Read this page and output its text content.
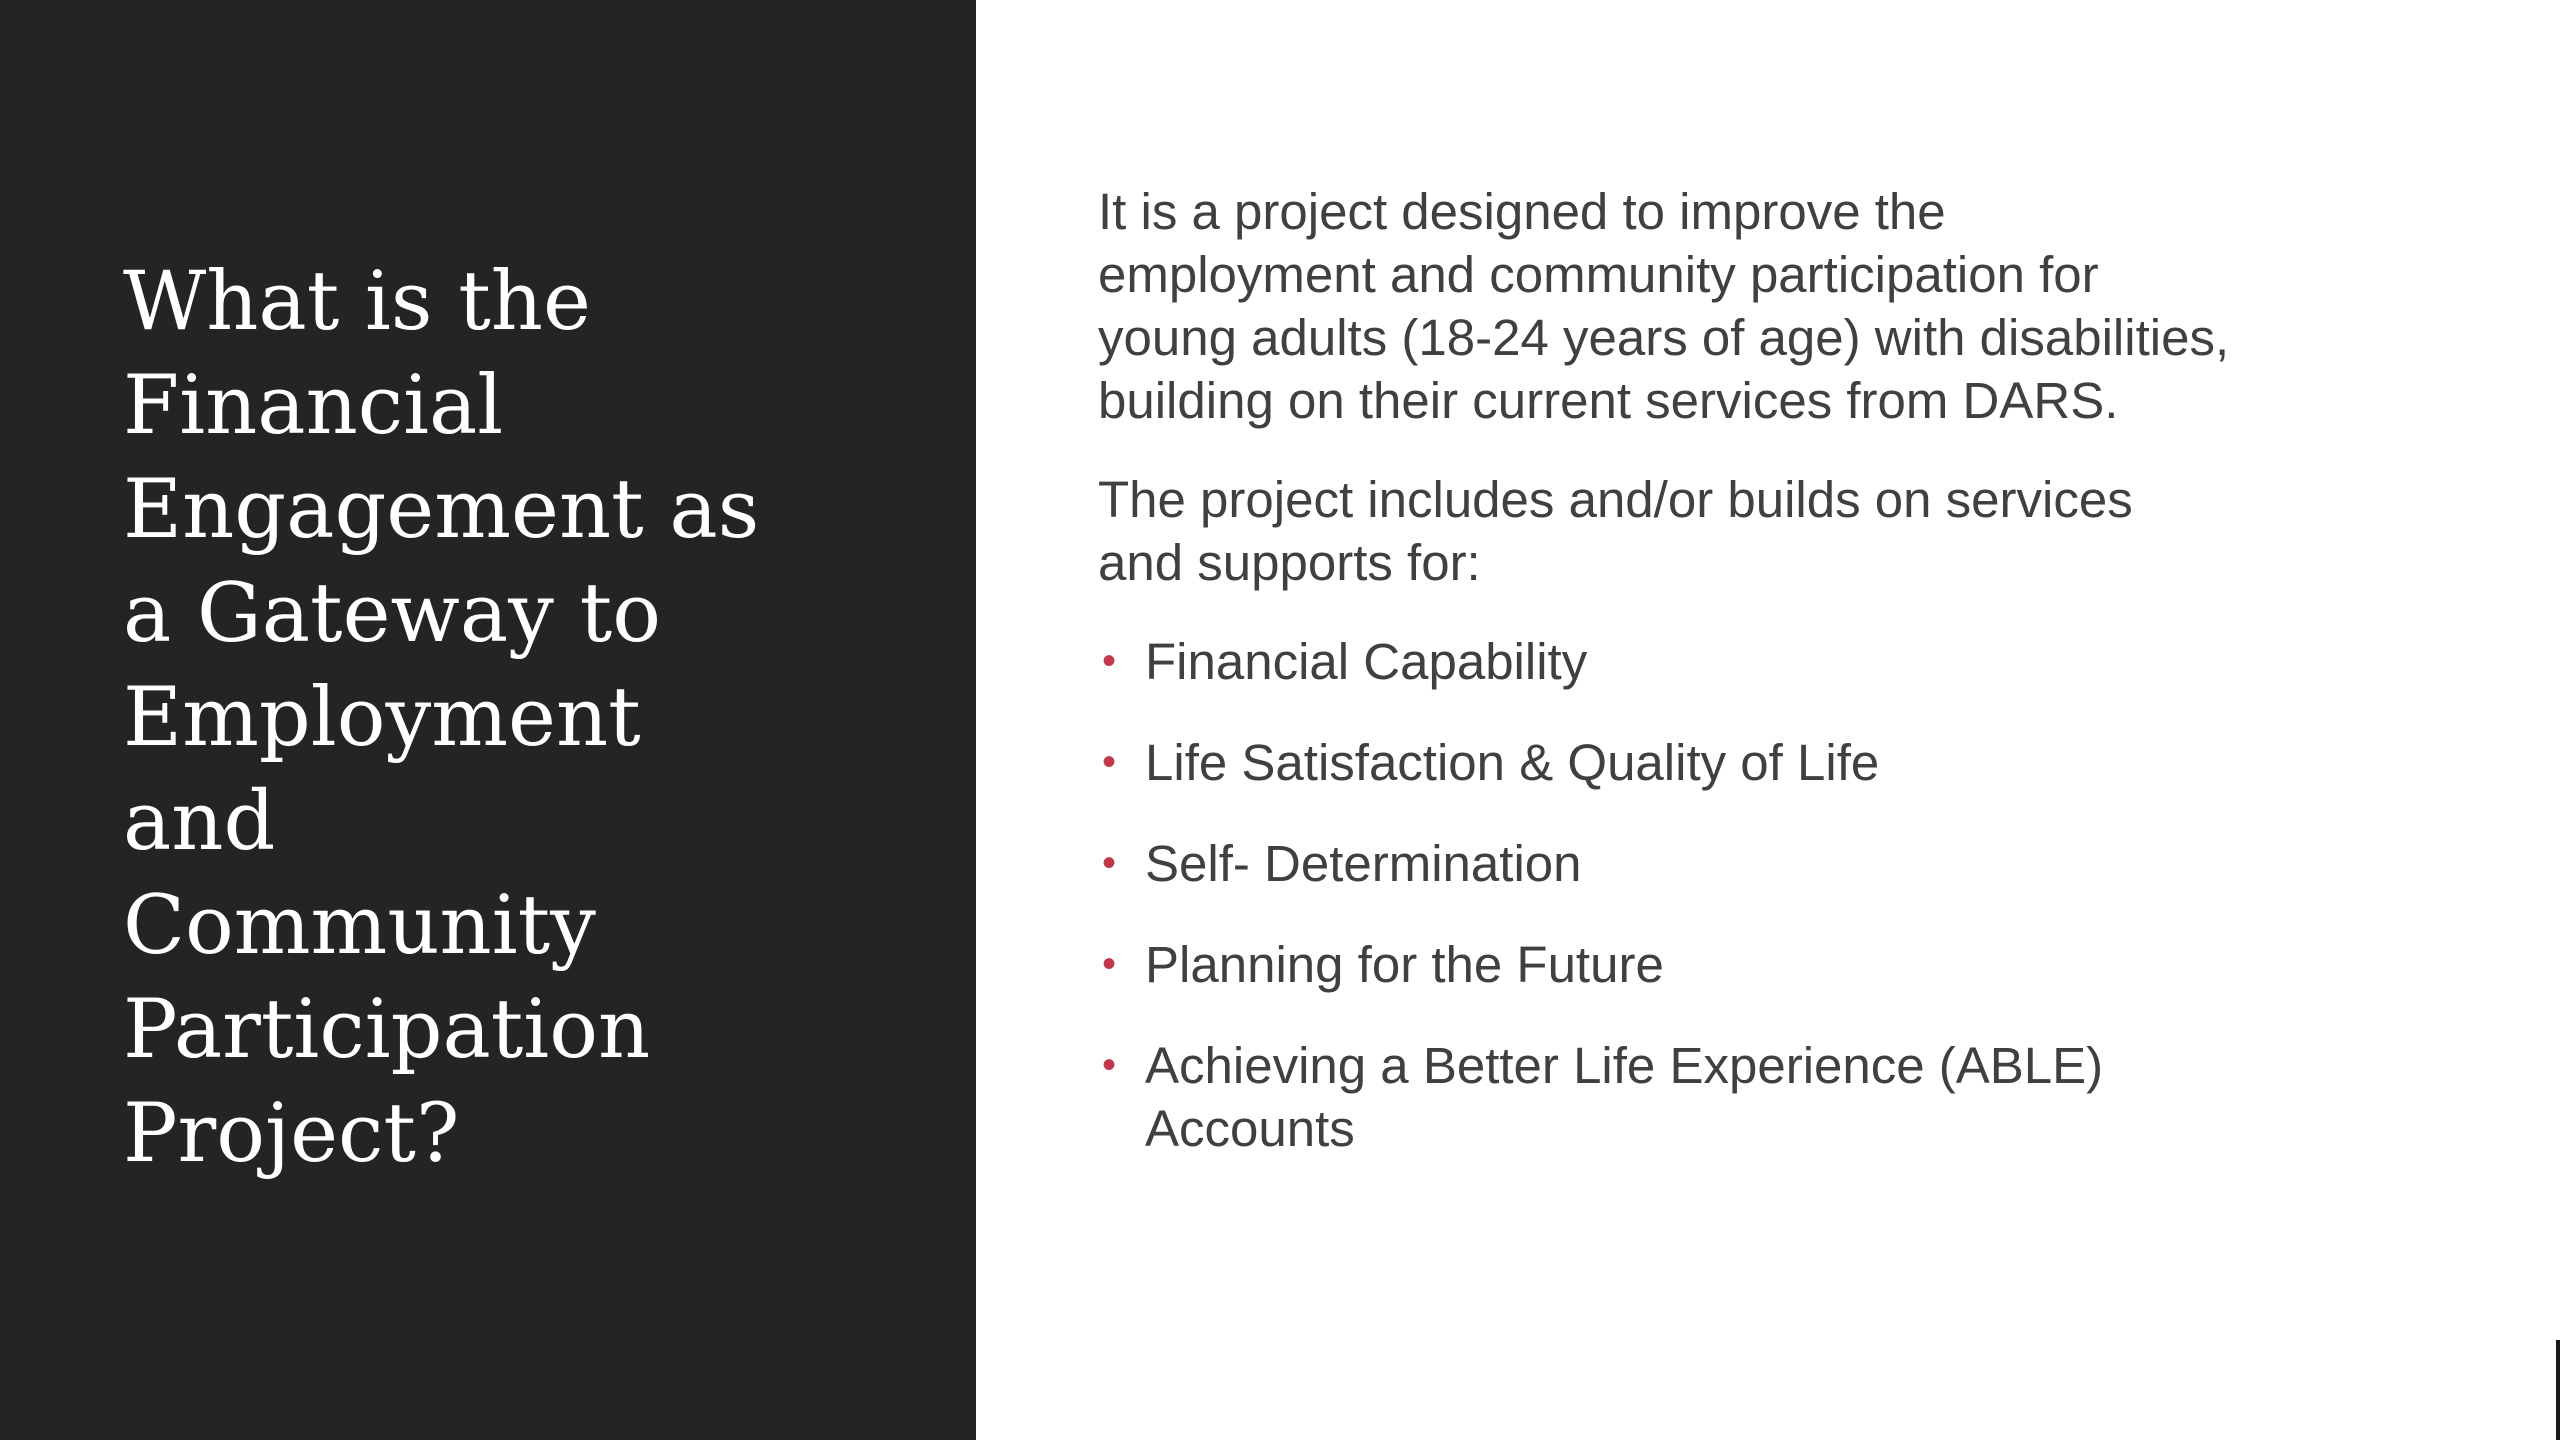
What is the
Financial
Engagement as
a Gateway to
Employment
and
Community
Participation
Project?

It is a project designed to improve the
employment and community participation for
young adults (18-24 years of age) with disabilities,
building on their current services from DARS.

The project includes and/or builds on services
and supports for:

• Financial Capability
• Life Satisfaction & Quality of Life
• Self- Determination
• Planning for the Future
• Achieving a Better Life Experience (ABLE)
Accounts
